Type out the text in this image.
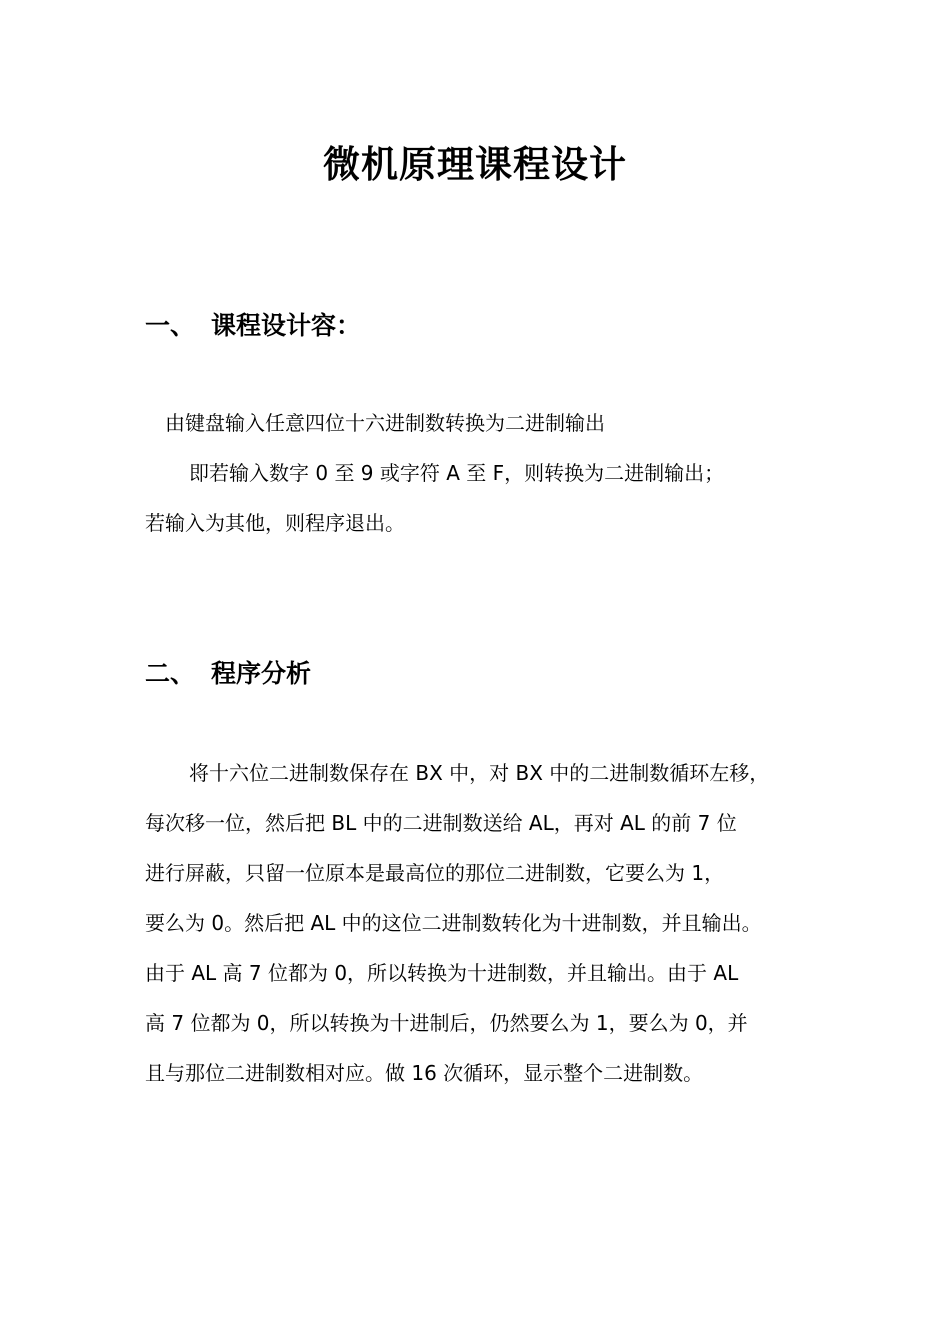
微机原理课程设计
一、 课程设计容：
由键盘输入任意四位十六进制数转换为二进制输出
即若输入数字 0 至 9 或字符 A 至 F，则转换为二进制输出；
若输入为其他，则程序退出。
二、 程序分析
将十六位二进制数保存在 BX 中，对 BX 中的二进制数循环左移，
每次移一位，然后把 BL 中的二进制数送给 AL，再对 AL 的前 7 位
进行屏蔽，只留一位原本是最高位的那位二进制数，它要么为 1，
要么为 0。然后把 AL 中的这位二进制数转化为十进制数，并且输出。
由于 AL 高 7 位都为 0，所以转换为十进制数，并且输出。由于 AL
高 7 位都为 0，所以转换为十进制后，仍然要么为 1，要么为 0，并
且与那位二进制数相对应。做 16 次循环，显示整个二进制数。
